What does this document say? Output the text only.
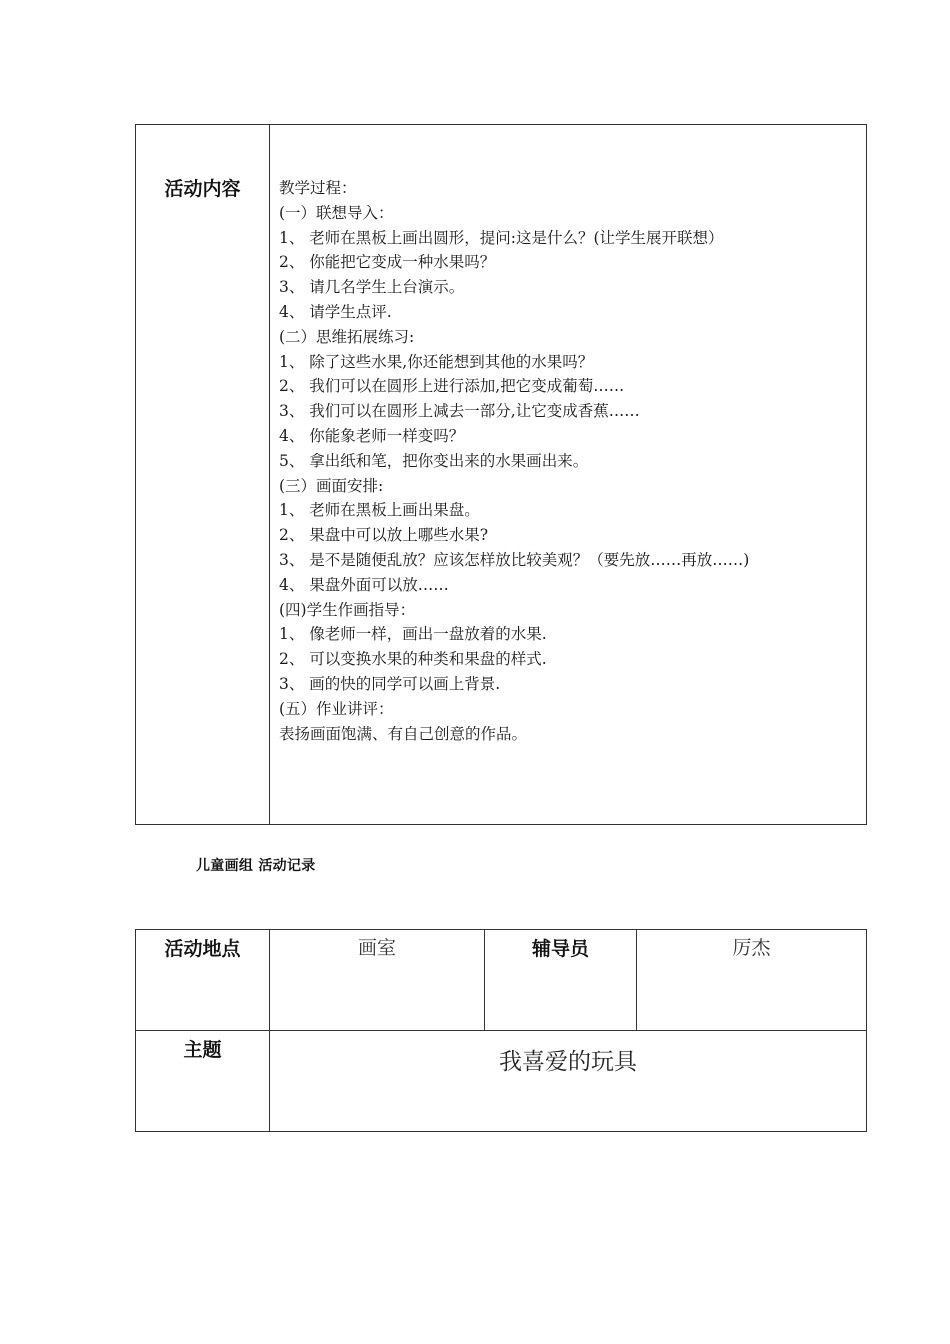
活动内容	教学过程：
(一）联想导入：
1、 老师在黑板上画出圆形，提问:这是什么？(让学生展开联想）
2、 你能把它变成一种水果吗？
3、 请几名学生上台演示。
4、 请学生点评.
(二）思维拓展练习:
1、 除了这些水果,你还能想到其他的水果吗？
2、 我们可以在圆形上进行添加,把它变成葡萄……
3、 我们可以在圆形上减去一部分,让它变成香蕉……
4、 你能象老师一样变吗？
5、 拿出纸和笔，把你变出来的水果画出来。
(三）画面安排:
1、 老师在黑板上画出果盘。
2、 果盘中可以放上哪些水果?
3、 是不是随便乱放？应该怎样放比较美观？（要先放……再放……)
4、 果盘外面可以放……
(四)学生作画指导：
1、 像老师一样，画出一盘放着的水果.
2、 可以变换水果的种类和果盘的样式.
3、 画的快的同学可以画上背景.
(五）作业讲评：
表扬画面饱满、有自己创意的作品。
儿童画组 活动记录
活动地点	画室	辅导员	厉杰

主题	我喜爱的玩具		
